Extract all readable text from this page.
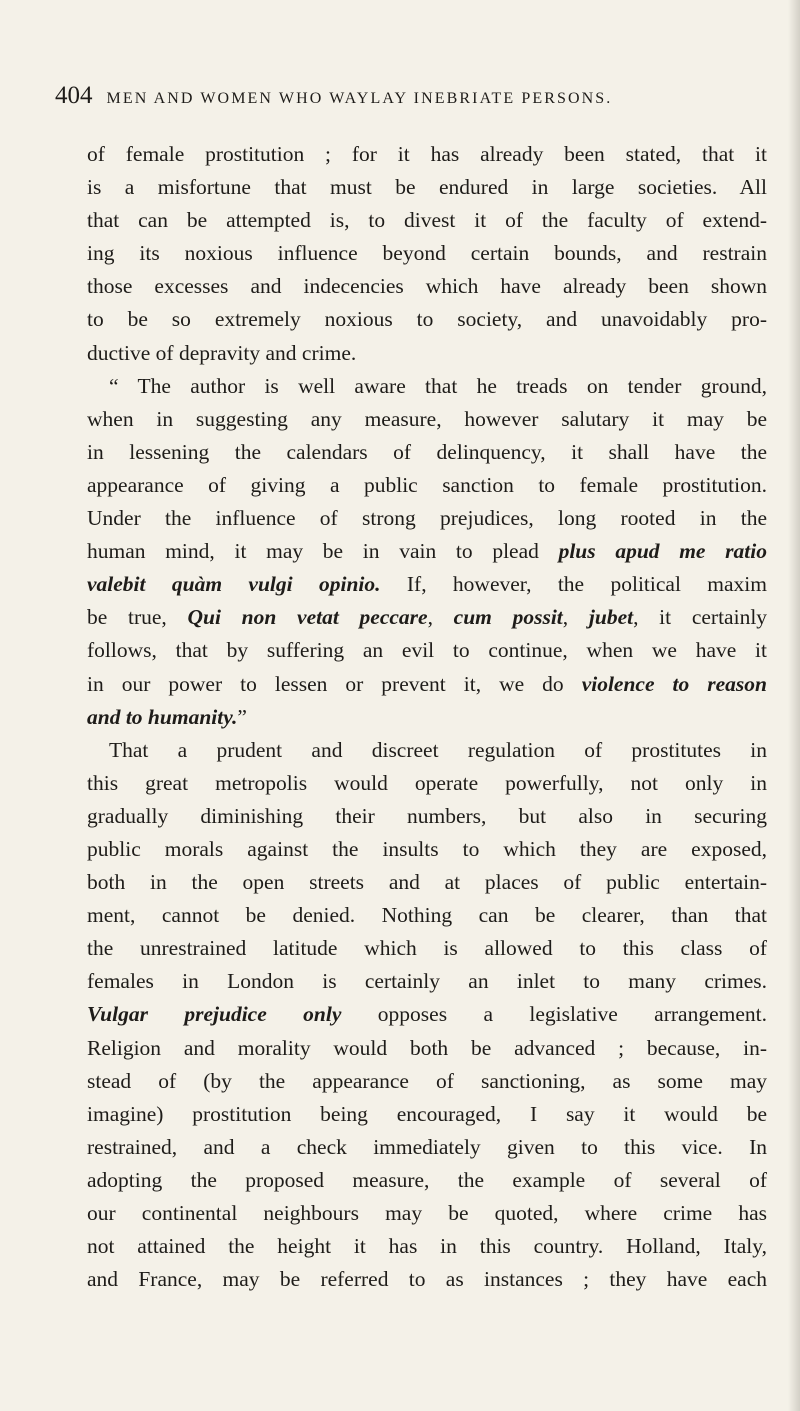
404 MEN AND WOMEN WHO WAYLAY INEBRIATE PERSONS.
of female prostitution ; for it has already been stated, that it
is a misfortune that must be endured in large societies. All
that can be attempted is, to divest it of the faculty of extend-
ing its noxious influence beyond certain bounds, and restrain
those excesses and indecencies which have already been shown
to be so extremely noxious to society, and unavoidably pro-
ductive of depravity and crime.
“ The author is well aware that he treads on tender ground,
when in suggesting any measure, however salutary it may be
in lessening the calendars of delinquency, it shall have the
appearance of giving a public sanction to female prostitution.
Under the influence of strong prejudices, long rooted in the
human mind, it may be in vain to plead plus apud me ratio
valebit quàm vulgi opinio. If, however, the political maxim
be true, Qui non vetat peccare, cum possit, jubet, it certainly
follows, that by suffering an evil to continue, when we have it
in our power to lessen or prevent it, we do violence to reason
and to humanity.”
That a prudent and discreet regulation of prostitutes in
this great metropolis would operate powerfully, not only in
gradually diminishing their numbers, but also in securing
public morals against the insults to which they are exposed,
both in the open streets and at places of public entertain-
ment, cannot be denied. Nothing can be clearer, than that
the unrestrained latitude which is allowed to this class of
females in London is certainly an inlet to many crimes.
Vulgar prejudice only opposes a legislative arrangement.
Religion and morality would both be advanced ; because, in-
stead of (by the appearance of sanctioning, as some may
imagine) prostitution being encouraged, I say it would be
restrained, and a check immediately given to this vice. In
adopting the proposed measure, the example of several of
our continental neighbours may be quoted, where crime has
not attained the height it has in this country. Holland, Italy,
and France, may be referred to as instances ; they have each
